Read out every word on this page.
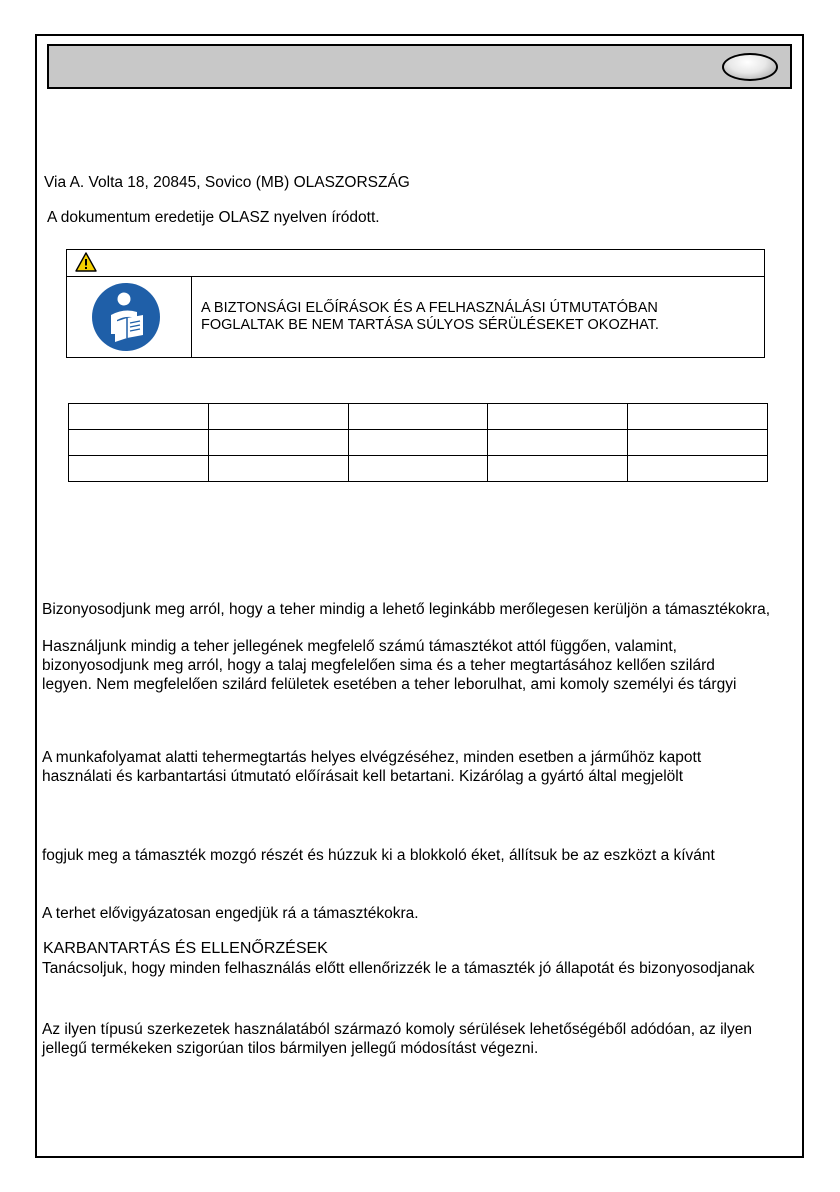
Via A. Volta 18, 20845, Sovico (MB) OLASZORSZÁG
A dokumentum eredetije OLASZ nyelven íródott.
A BIZTONSÁGI ELŐÍRÁSOK ÉS A FELHASZNÁLÁSI ÚTMUTATÓBAN
FOGLALTAK BE NEM TARTÁSA SÚLYOS SÉRÜLÉSEKET OKOZHAT.

Bizonyosodjunk meg arról, hogy a teher mindig a lehető leginkább merőlegesen kerüljön a támasztékokra,
Használjunk mindig a teher jellegének megfelelő számú támasztékot attól függően, valamint,
bizonyosodjunk meg arról, hogy a talaj megfelelően sima és a teher megtartásához kellően szilárd
legyen. Nem megfelelően szilárd felületek esetében a teher leborulhat, ami komoly személyi és tárgyi
A munkafolyamat alatti tehermegtartás helyes elvégzéséhez, minden esetben a járműhöz kapott
használati és karbantartási útmutató előírásait kell betartani. Kizárólag a gyártó által megjelölt
fogjuk meg a támaszték mozgó részét és húzzuk ki a blokkoló éket, állítsuk be az eszközt a kívánt
A terhet elővigyázatosan engedjük rá a támasztékokra.
KARBANTARTÁS ÉS ELLENŐRZÉSEK
Tanácsoljuk, hogy minden felhasználás előtt ellenőrizzék le a támaszték jó állapotát és bizonyosodjanak
Az ilyen típusú szerkezetek használatából származó komoly sérülések lehetőségéből adódóan, az ilyen
jellegű termékeken szigorúan tilos bármilyen jellegű módosítást végezni.
